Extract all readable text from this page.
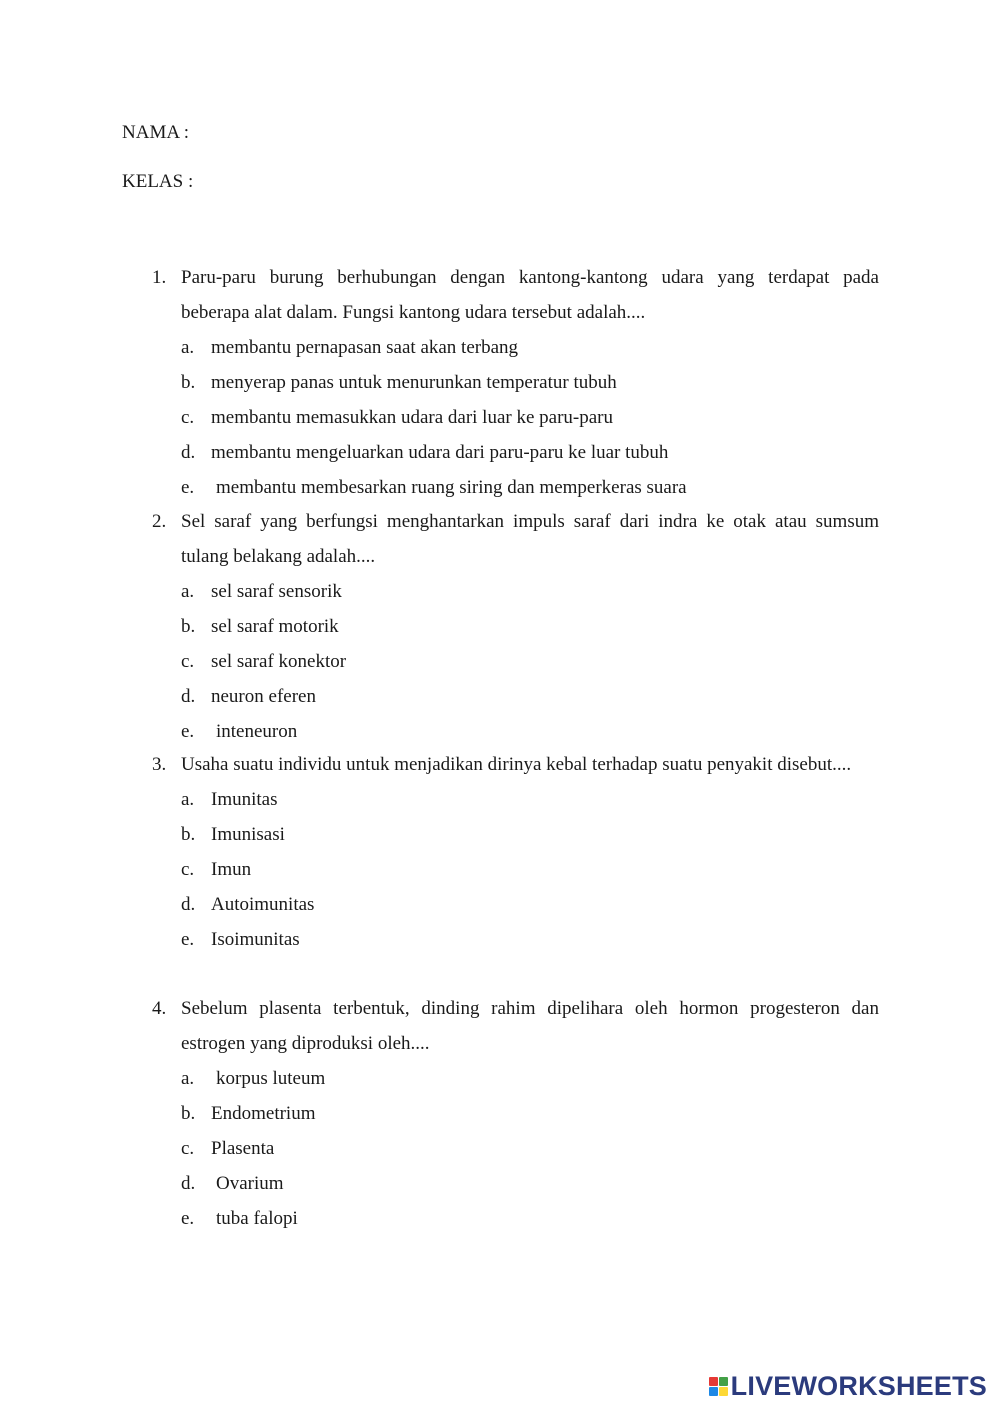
NAMA :
KELAS :
1. Paru-paru burung berhubungan dengan kantong-kantong udara yang terdapat pada beberapa alat dalam. Fungsi kantong udara tersebut adalah....
a. membantu pernapasan saat akan terbang
b. menyerap panas untuk menurunkan temperatur tubuh
c. membantu memasukkan udara dari luar ke paru-paru
d. membantu mengeluarkan udara dari paru-paru ke luar tubuh
e. membantu membesarkan ruang siring dan memperkeras suara
2. Sel saraf yang berfungsi menghantarkan impuls saraf dari indra ke otak atau sumsum tulang belakang adalah....
a. sel saraf sensorik
b. sel saraf motorik
c. sel saraf konektor
d. neuron eferen
e. inteneuron
3. Usaha suatu individu untuk menjadikan dirinya kebal terhadap suatu penyakit disebut....
a. Imunitas
b. Imunisasi
c. Imun
d. Autoimunitas
e. Isoimunitas
4. Sebelum plasenta terbentuk, dinding rahim dipelihara oleh hormon progesteron dan estrogen yang diproduksi oleh....
a. korpus luteum
b. Endometrium
c. Plasenta
d. Ovarium
e. tuba falopi
LIVEWORKSHEETS
